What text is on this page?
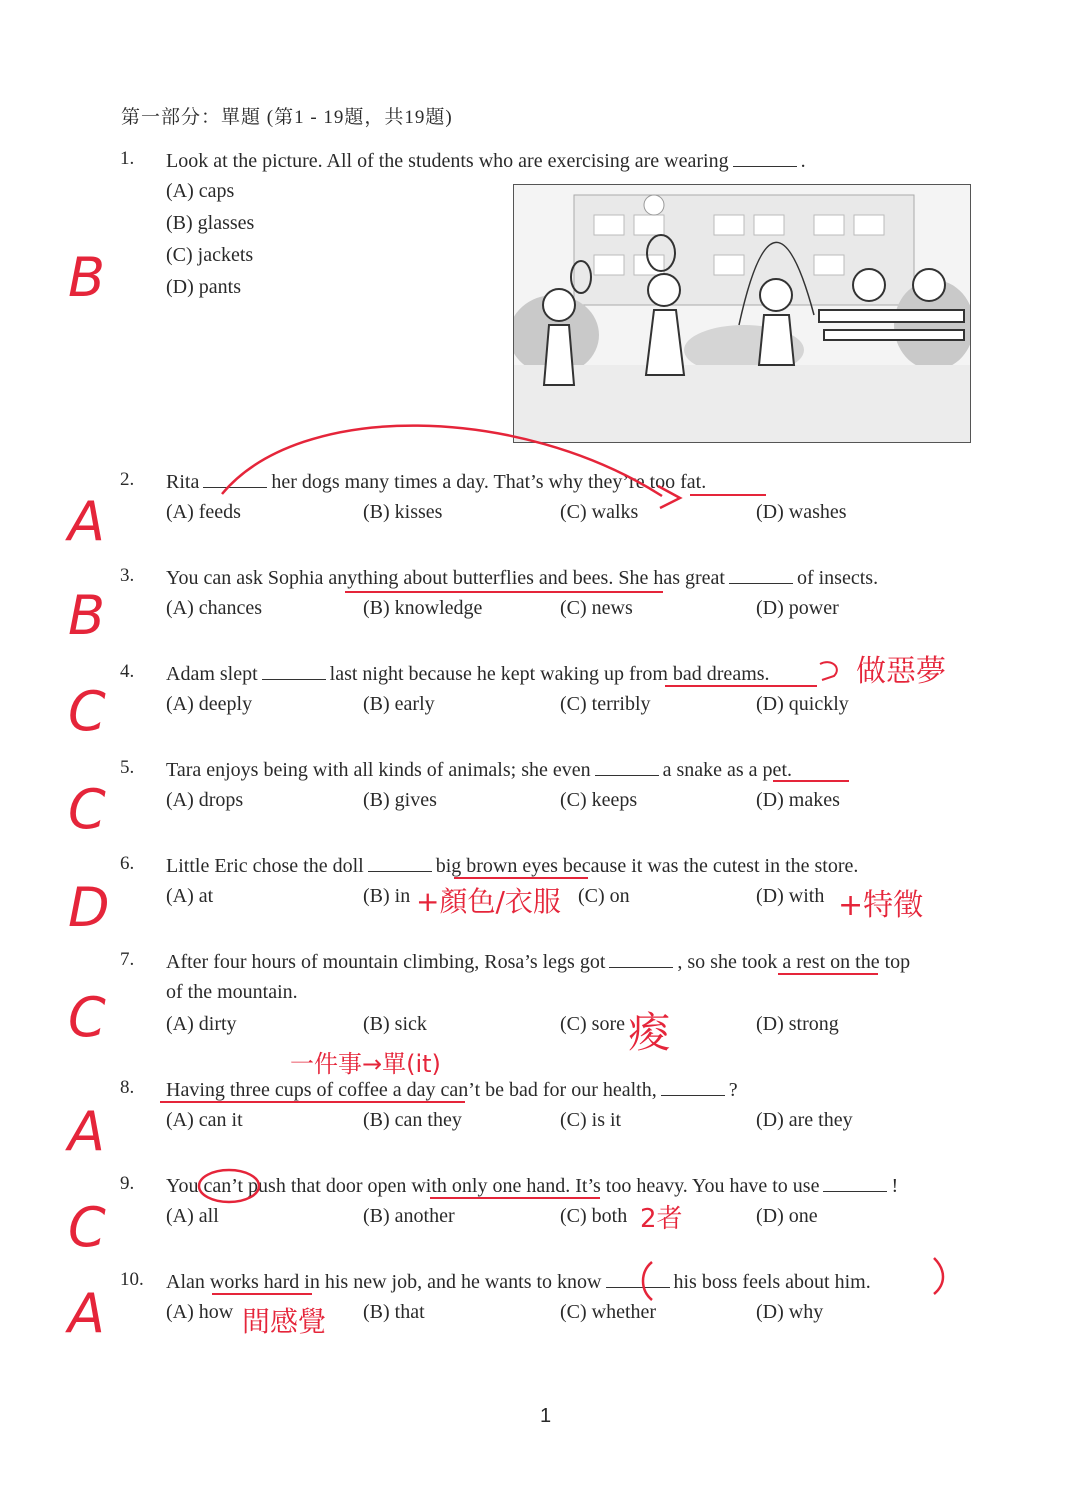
第一部分：單題 (第1 - 19題，共19題)
1. Look at the picture. All of the students who are exercising are wearing	.
(A) caps
(B) glasses
(C) jackets
(D) pants
B
2. Rita	her dogs many times a day. That’s why they’re too fat.
(A) feeds	(B) kisses	(C) walks	(D) washes
A
3. You can ask Sophia anything about butterflies and bees. She has great	of insects.
(A) chances	(B) knowledge	(C) news	(D) power
B
4. Adam slept	last night because he kept waking up from bad dreams.
(A) deeply	(B) early	(C) terribly	(D) quickly
C
做惡夢
5. Tara enjoys being with all kinds of animals; she even	a snake as a pet.
(A) drops	(B) gives	(C) keeps	(D) makes
C
6. Little Eric chose the doll	big brown eyes because it was the cutest in the store.
(A) at	(B) in	(C) on	(D) with
D	+顏色/衣服	+特徵
7. After four hours of mountain climbing, Rosa’s legs got	, so she took a rest on the top
of the mountain.
(A) dirty	(B) sick	(C) sore	(D) strong
C	痠
8. Having three cups of coffee a day can’t be bad for our health,	?
(A) can it	(B) can they	(C) is it	(D) are they
A
一件事→單(it)
9. You can’t push that door open with only one hand. It’s too heavy. You have to use	!
(A) all	(B) another	(C) both	(D) one
C	2者
10. Alan works hard in his new job, and he wants to know	his boss feels about him.
(A) how	(B) that	(C) whether	(D) why
A	間感覺
1
